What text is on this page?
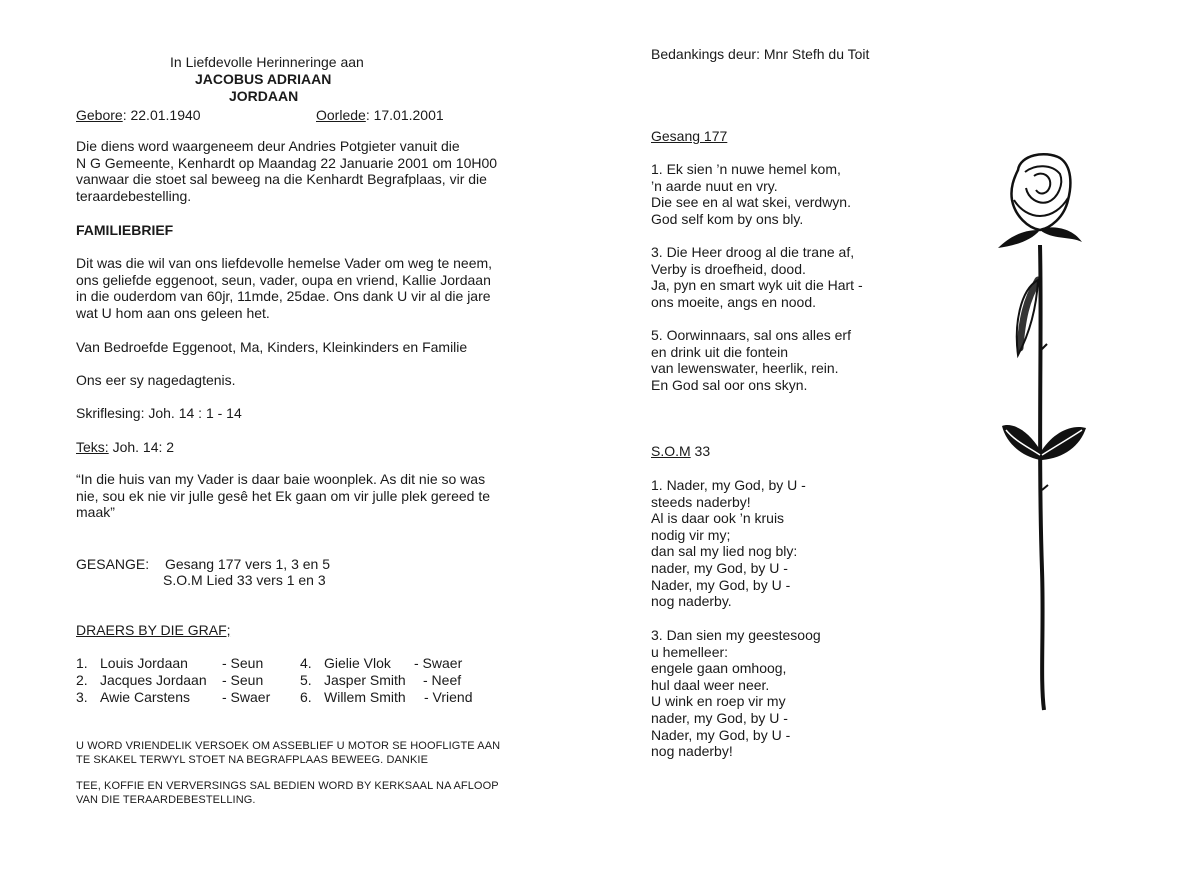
In Liefdevolle Herinneringe aan

JACOBUS ADRIAAN

JORDAAN

Gebore: 22.01.1940	Oorlede: 17.01.2001

Die diens word waargeneem deur Andries Potgieter vanuit die
N G Gemeente, Kenhardt op Maandag 22 Januarie 2001 om 10H00
vanwaar die stoet sal beweeg na die Kenhardt Begrafplaas, vir die
teraardebestelling.

FAMILIEBRIEF

Dit was die wil van ons liefdevolle hemelse Vader om weg te neem,
ons geliefde eggenoot, seun, vader, oupa en vriend, Kallie Jordaan
in die ouderdom van 60jr, 11mde, 25dae. Ons dank U vir al die jare
wat U hom aan ons geleen het.

Van Bedroefde Eggenoot, Ma, Kinders, Kleinkinders en Familie

Ons eer sy nagedagtenis.

Skriflesing: Joh. 14 : 1 - 14

Teks: Joh. 14: 2

“In die huis van my Vader is daar baie woonplek. As dit nie so was
nie, sou ek nie vir julle gesê het Ek gaan om vir julle plek gereed te
maak”

GESANGE: Gesang 177 vers 1, 3 en 5

S.O.M Lied 33 vers 1 en 3

DRAERS BY DIE GRAF;

1. Louis Jordaan - Seun
2. Jacques Jordaan - Seun
3. Awie Carstens - Swaer
4. Gielie Vlok - Swaer
5. Jasper Smith - Neef
6. Willem Smith - Vriend

U WORD VRIENDELIK VERSOEK OM ASSEBLIEF U MOTOR SE HOOFLIGTE AAN
TE SKAKEL TERWYL STOET NA BEGRAFPLAAS BEWEEG. DANKIE

TEE, KOFFIE EN VERVERSINGS SAL BEDIEN WORD BY KERKSAAL NA AFLOOP
VAN DIE TERAARDEBESTELLING.

Bedankings deur: Mnr Stefh du Toit

Gesang 177

1. Ek sien ’n nuwe hemel kom,
’n aarde nuut en vry.
Die see en al wat skei, verdwyn.
God self kom by ons bly.

3. Die Heer droog al die trane af,
Verby is droefheid, dood.
Ja, pyn en smart wyk uit die Hart -
ons moeite, angs en nood.

5. Oorwinnaars, sal ons alles erf
en drink uit die fontein
van lewenswater, heerlik, rein.
En God sal oor ons skyn.

S.O.M 33

1. Nader, my God, by U -
steeds naderby!
Al is daar ook ’n kruis
nodig vir my;
dan sal my lied nog bly:
nader, my God, by U -
Nader, my God, by U -
nog naderby.

3. Dan sien my geestesoog
u hemelleer:
engele gaan omhoog,
hul daal weer neer.
U wink en roep vir my
nader, my God, by U -
Nader, my God, by U -
nog naderby!
